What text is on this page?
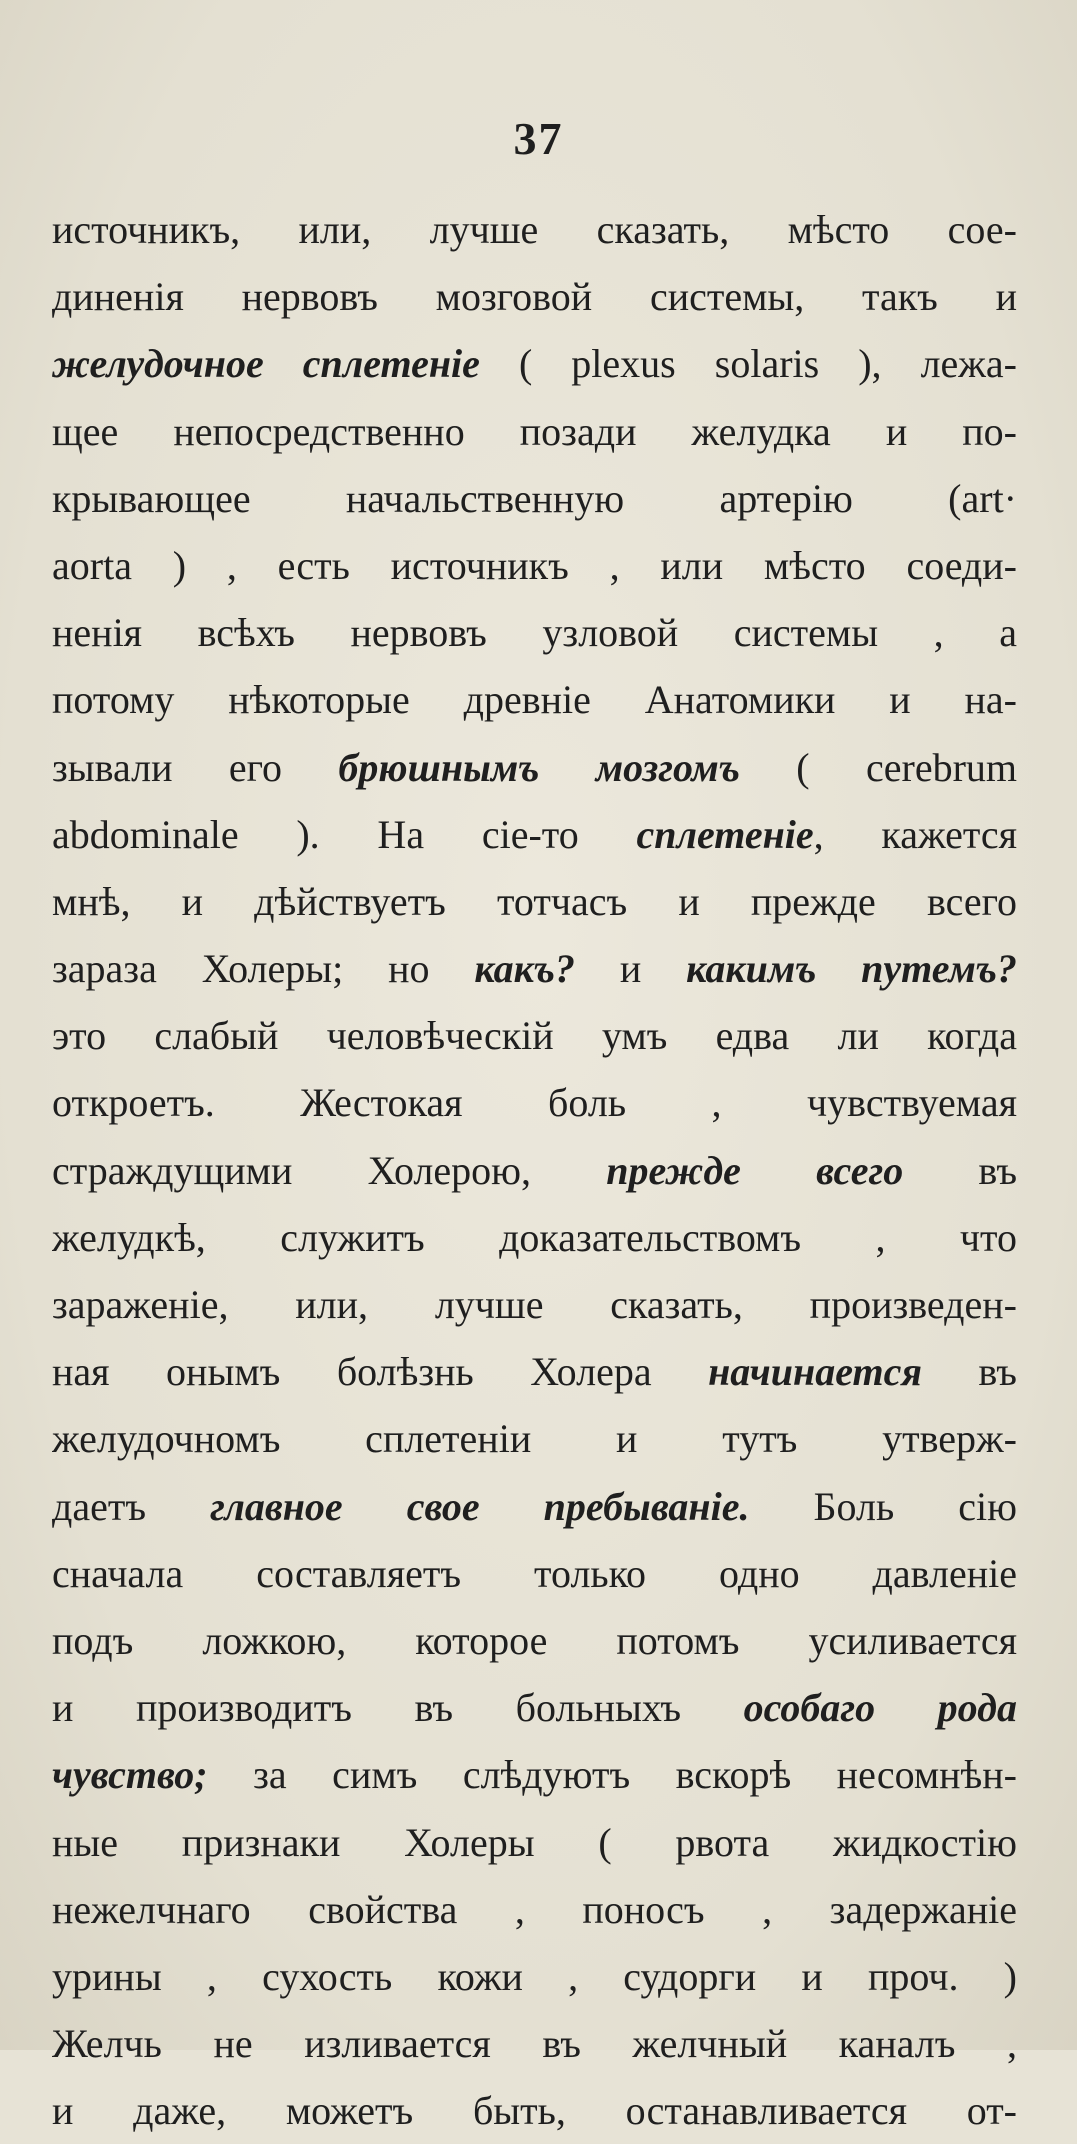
37
источникъ, или, лучше сказать, мѣсто сое-
диненія нервовъ мозговой системы, такъ и
желудочное сплетеніе ( plexus solaris ), лежа-
щее непосредственно позади желудка и по-
крывающее начальственную артерію (art·
aorta ) , есть источникъ , или мѣсто соеди-
ненія всѣхъ нервовъ узловой системы , а
потому нѣкоторые древніе Анатомики и на-
зывали его брюшнымъ мозгомъ ( cerebrum
abdominale ). На сіе-то сплетеніе, кажется
мнѣ, и дѣйствуетъ тотчасъ и прежде всего
зараза Холеры; но какъ? и какимъ путемъ?
это слабый человѣческій умъ едва ли когда
откроетъ. Жестокая боль , чувствуемая
страждущими Холерою, прежде всего въ
желудкѣ, служитъ доказательствомъ , что
зараженіе, или, лучше сказать, произведен-
ная онымъ болѣзнь Холера начинается въ
желудочномъ сплетеніи и тутъ утверж-
даетъ главное свое пребываніе. Боль сію
сначала составляетъ только одно давленіе
подъ ложкою, которое потомъ усиливается
и производитъ въ больныхъ особаго рода
чувство; за симъ слѣдуютъ вскорѣ несомнѣн-
ные признаки Холеры ( рвота жидкостію
нежелчнаго свойства , поносъ , задержаніе
урины , сухость кожи , судорги и проч. )
Желчь не изливается въ желчный каналъ ,
и даже, можетъ быть, останавливается от-
